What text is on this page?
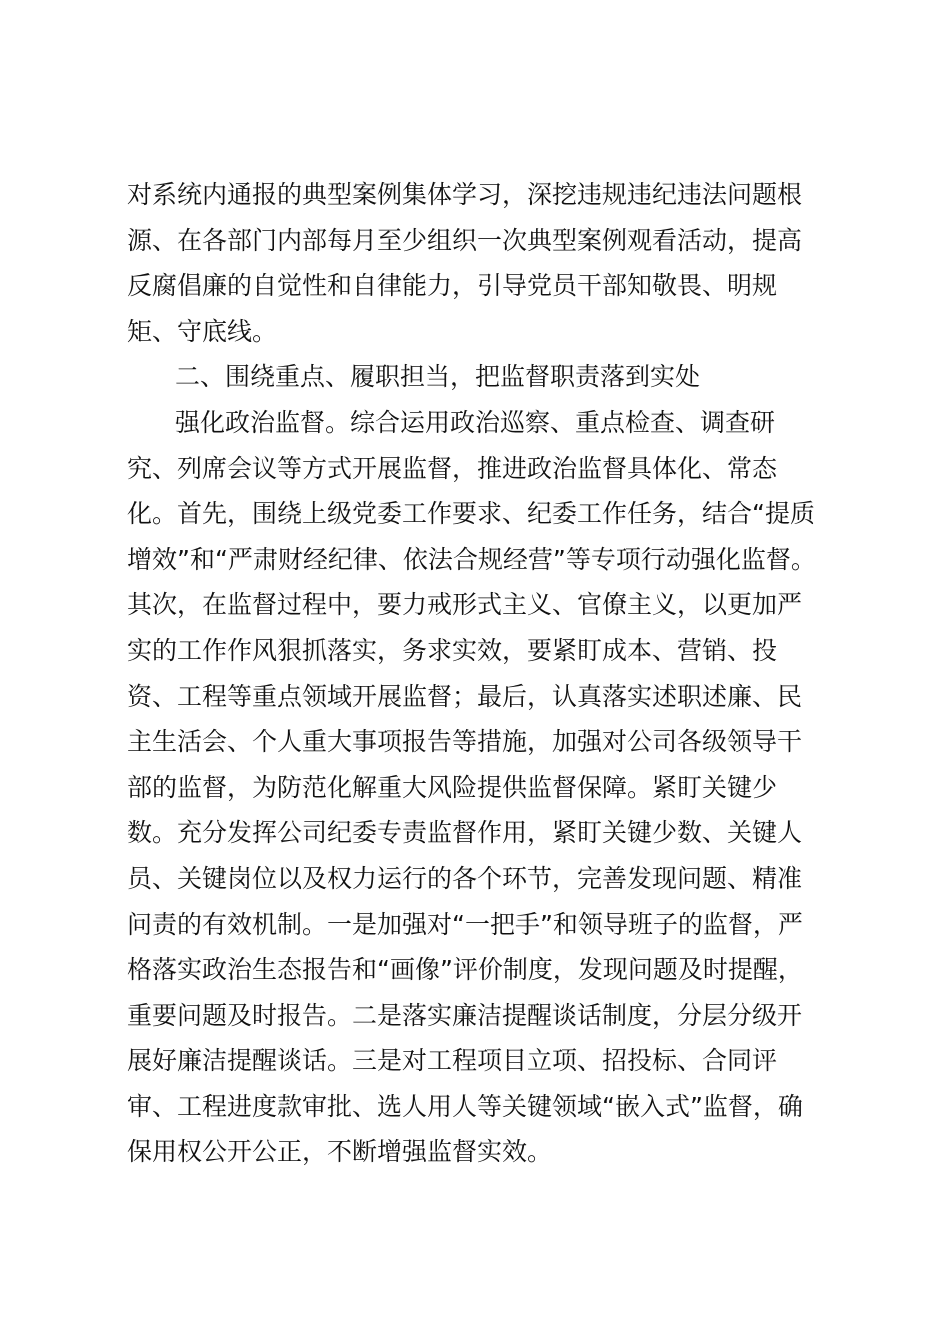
对系统内通报的典型案例集体学习，深挖违规违纪违法问题根
源、在各部门内部每月至少组织一次典型案例观看活动，提高
反腐倡廉的自觉性和自律能力，引导党员干部知敬畏、明规
矩、守底线。
二、围绕重点、履职担当，把监督职责落到实处
强化政治监督。综合运用政治巡察、重点检查、调查研
究、列席会议等方式开展监督，推进政治监督具体化、常态
化。首先，围绕上级党委工作要求、纪委工作任务，结合“提质
增效”和“严肃财经纪律、依法合规经营”等专项行动强化监督。
其次，在监督过程中，要力戒形式主义、官僚主义，以更加严
实的工作作风狠抓落实，务求实效，要紧盯成本、营销、投
资、工程等重点领域开展监督；最后，认真落实述职述廉、民
主生活会、个人重大事项报告等措施，加强对公司各级领导干
部的监督，为防范化解重大风险提供监督保障。紧盯关键少
数。充分发挥公司纪委专责监督作用，紧盯关键少数、关键人
员、关键岗位以及权力运行的各个环节，完善发现问题、精准
问责的有效机制。一是加强对“一把手”和领导班子的监督，严
格落实政治生态报告和“画像”评价制度，发现问题及时提醒，
重要问题及时报告。二是落实廉洁提醒谈话制度，分层分级开
展好廉洁提醒谈话。三是对工程项目立项、招投标、合同评
审、工程进度款审批、选人用人等关键领域“嵌入式”监督，确
保用权公开公正，不断增强监督实效。
